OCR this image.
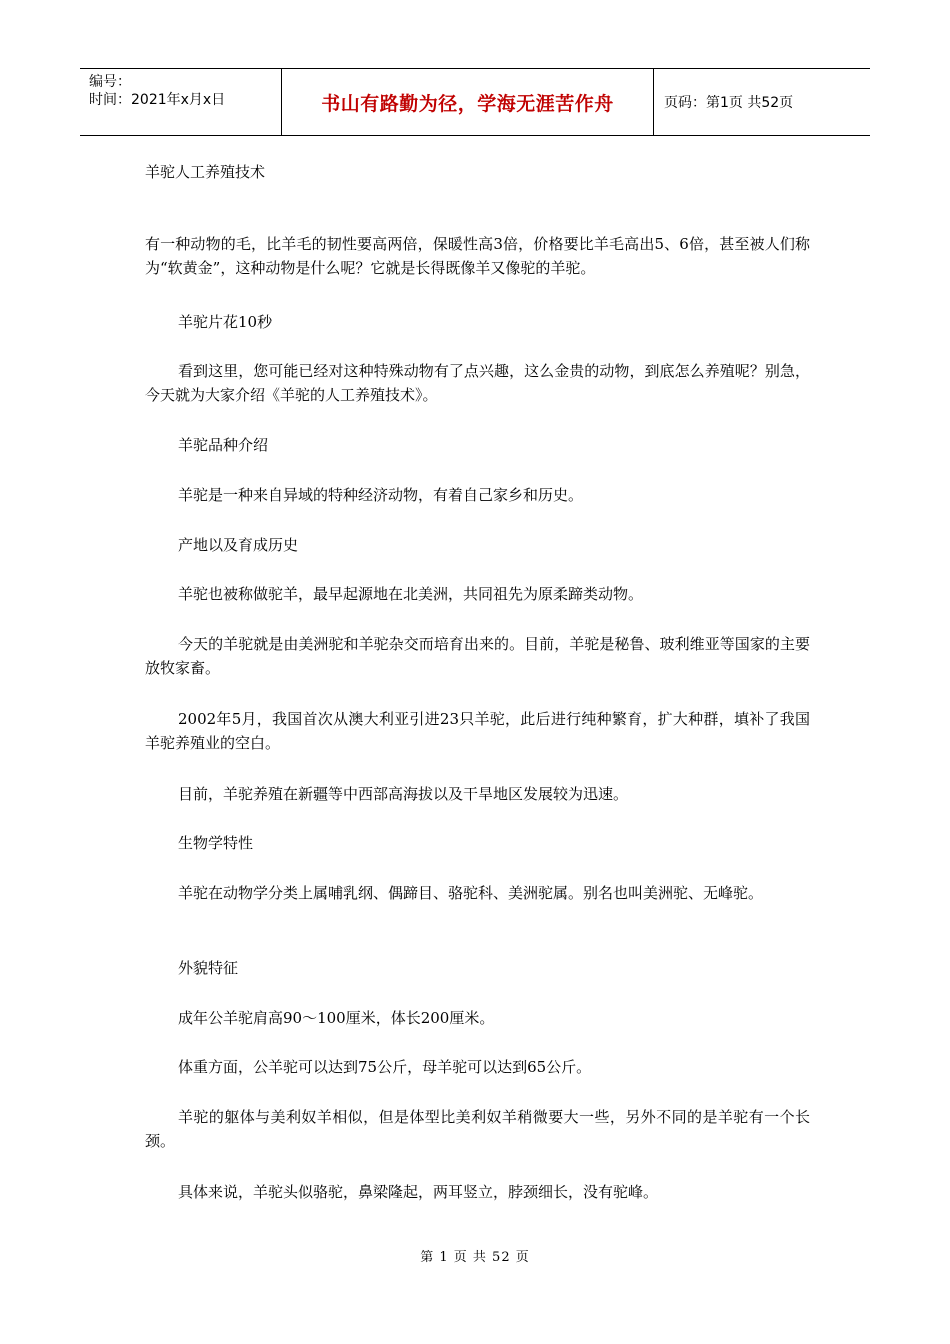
编号：
时间：2021年x月x日	书山有路勤为径，学海无涯苦作舟	页码：第1页 共52页

羊驼人工养殖技术

有一种动物的毛，比羊毛的韧性要高两倍，保暖性高3倍，价格要比羊毛高出5、6倍，甚至被人们称为“软黄金”，这种动物是什么呢？它就是长得既像羊又像驼的羊驼。

羊驼片花10秒

看到这里，您可能已经对这种特殊动物有了点兴趣，这么金贵的动物，到底怎么养殖呢？别急，今天就为大家介绍《羊驼的人工养殖技术》。

羊驼品种介绍

羊驼是一种来自异域的特种经济动物，有着自己家乡和历史。

产地以及育成历史

羊驼也被称做驼羊，最早起源地在北美洲，共同祖先为原柔蹄类动物。

今天的羊驼就是由美洲驼和羊驼杂交而培育出来的。目前，羊驼是秘鲁、玻利维亚等国家的主要放牧家畜。

2002年5月，我国首次从澳大利亚引进23只羊驼，此后进行纯种繁育，扩大种群，填补了我国羊驼养殖业的空白。

目前，羊驼养殖在新疆等中西部高海拔以及干旱地区发展较为迅速。

生物学特性

羊驼在动物学分类上属哺乳纲、偶蹄目、骆驼科、美洲驼属。别名也叫美洲驼、无峰驼。

外貌特征

成年公羊驼肩高90～100厘米，体长200厘米。

体重方面，公羊驼可以达到75公斤，母羊驼可以达到65公斤。

羊驼的躯体与美利奴羊相似，但是体型比美利奴羊稍微要大一些，另外不同的是羊驼有一个长颈。

具体来说，羊驼头似骆驼，鼻梁隆起，两耳竖立，脖颈细长，没有驼峰。

第 1 页 共 52 页
